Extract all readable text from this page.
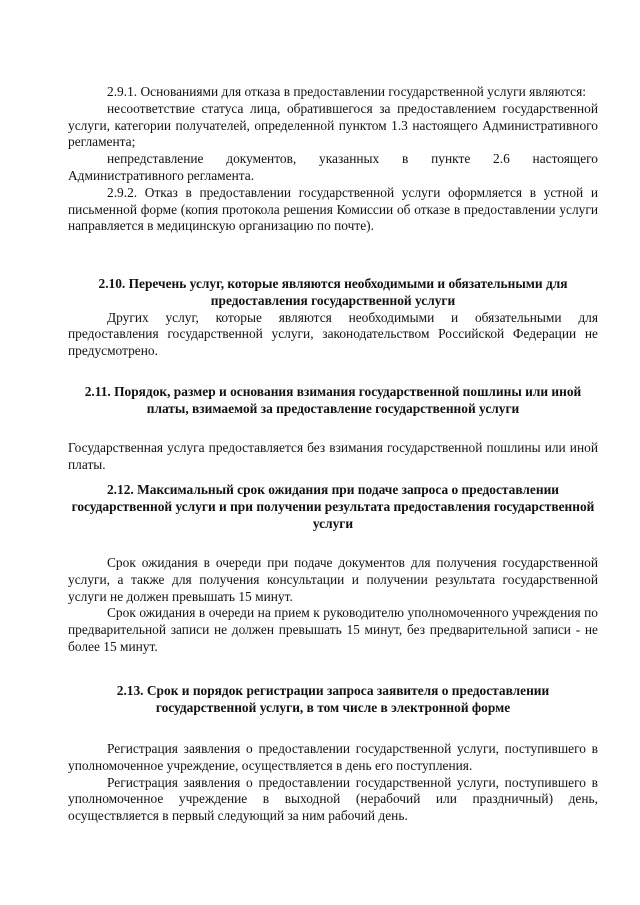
2.9.1. Основаниями для отказа в предоставлении государственной услуги являются:

несоответствие статуса лица, обратившегося за предоставлением государственной услуги, категории получателей, определенной пунктом 1.3 настоящего Административного регламента;

непредставление документов, указанных в пункте 2.6 настоящего Административного регламента.

2.9.2. Отказ в предоставлении государственной услуги оформляется в устной и письменной форме (копия протокола решения Комиссии об отказе в предоставлении услуги направляется в медицинскую организацию по почте).

2.10. Перечень услуг, которые являются необходимыми и обязательными для предоставления государственной услуги

Других услуг, которые являются необходимыми и обязательными для предоставления государственной услуги, законодательством Российской Федерации не предусмотрено.

2.11. Порядок, размер и основания взимания государственной пошлины или иной платы, взимаемой за предоставление государственной услуги

Государственная услуга предоставляется без взимания государственной пошлины или иной платы.

2.12. Максимальный срок ожидания при подаче запроса о предоставлении государственной услуги и при получении результата предоставления государственной услуги

Срок ожидания в очереди при подаче документов для получения государственной услуги, а также для получения консультации и получении результата государственной услуги не должен превышать 15 минут.

Срок ожидания в очереди на прием к руководителю уполномоченного учреждения по предварительной записи не должен превышать 15 минут, без предварительной записи - не более 15 минут.

2.13. Срок и порядок регистрации запроса заявителя о предоставлении государственной услуги, в том числе в электронной форме

Регистрация заявления о предоставлении государственной услуги, поступившего в уполномоченное учреждение, осуществляется в день его поступления.

Регистрация заявления о предоставлении государственной услуги, поступившего в уполномоченное учреждение в выходной (нерабочий или праздничный) день, осуществляется в первый следующий за ним рабочий день.
